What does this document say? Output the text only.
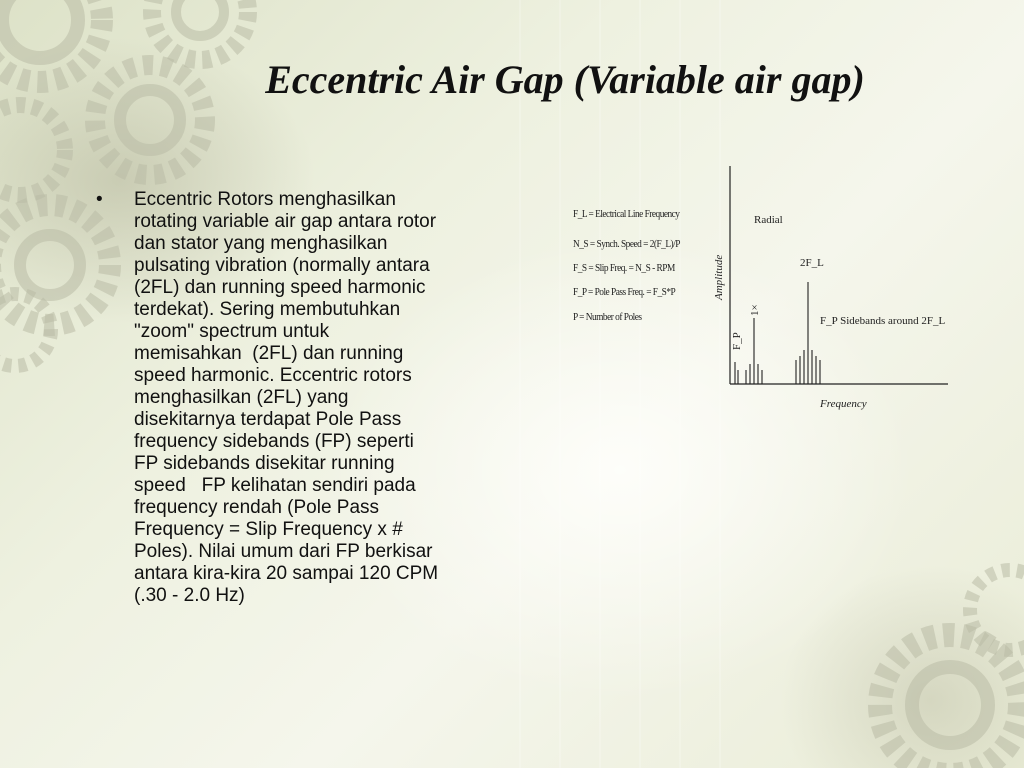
Eccentric Air Gap (Variable air gap)
• Eccentric Rotors menghasilkan
rotating variable air gap antara rotor
dan stator yang menghasilkan
pulsating vibration (normally antara
(2FL) dan running speed harmonic
terdekat). Sering membutuhkan
"zoom" spectrum untuk
memisahkan  (2FL) dan running
speed harmonic. Eccentric rotors
menghasilkan (2FL) yang
disekitarnya terdapat Pole Pass
frequency sidebands (FP) seperti
FP sidebands disekitar running
speed   FP kelihatan sendiri pada
frequency rendah (Pole Pass
Frequency = Slip Frequency x #
Poles). Nilai umum dari FP berkisar
antara kira-kira 20 sampai 120 CPM
(.30 - 2.0 Hz)

F_L = Electrical Line Frequency
N_S = Synch. Speed = 2(F_L)/P
F_S = Slip Freq. = N_S - RPM
F_P = Pole Pass Freq. = F_S*P
P = Number of Poles
Radial
Amplitude
Frequency
F_P
1×
2F_L
F_P Sidebands around 2F_L
